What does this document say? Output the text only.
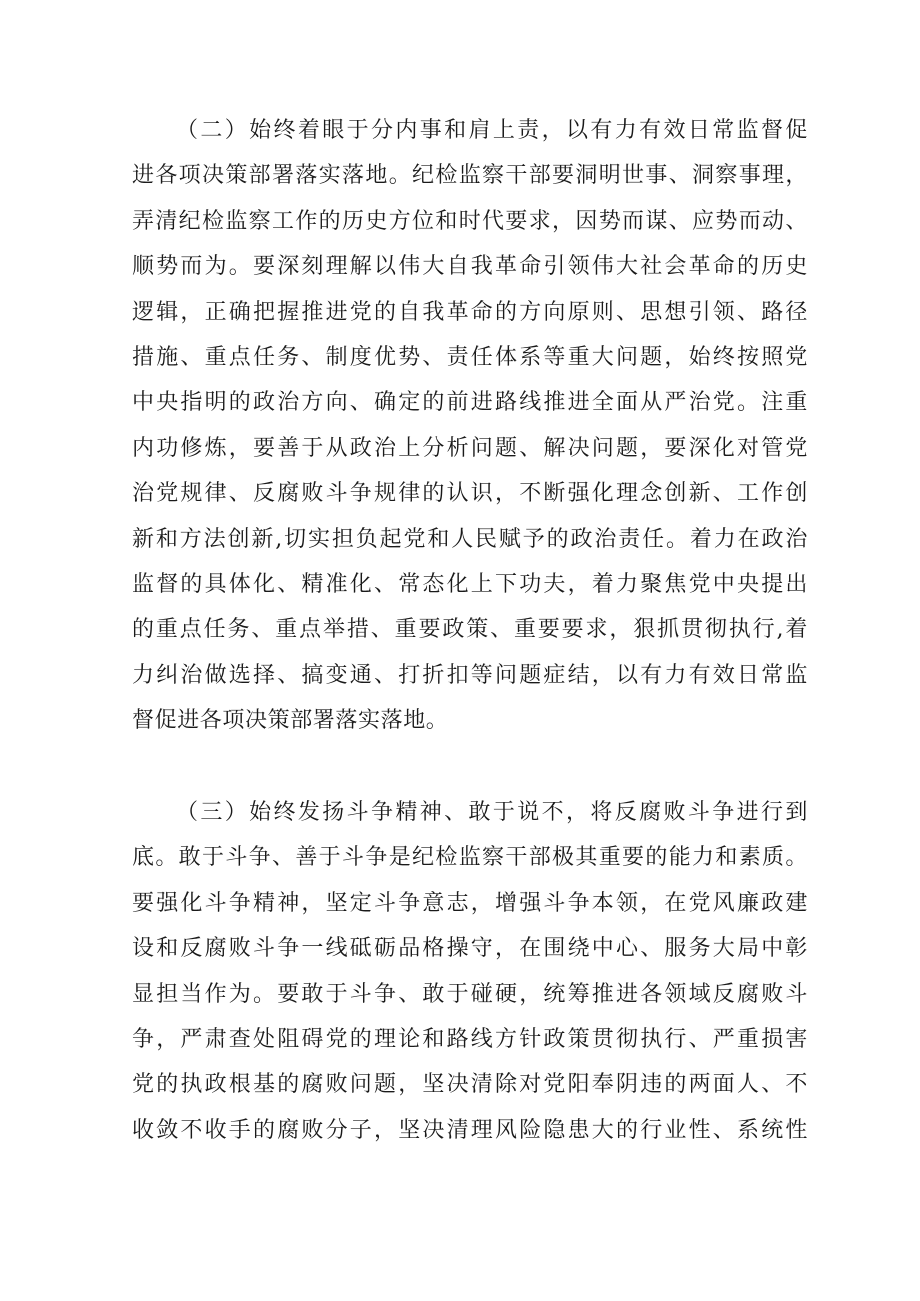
（二）始终着眼于分内事和肩上责，以有力有效日常监督促
进各项决策部署落实落地。纪检监察干部要洞明世事、洞察事理，
弄清纪检监察工作的历史方位和时代要求，因势而谋、应势而动、
顺势而为。要深刻理解以伟大自我革命引领伟大社会革命的历史
逻辑，正确把握推进党的自我革命的方向原则、思想引领、路径
措施、重点任务、制度优势、责任体系等重大问题，始终按照党
中央指明的政治方向、确定的前进路线推进全面从严治党。注重
内功修炼，要善于从政治上分析问题、解决问题，要深化对管党
治党规律、反腐败斗争规律的认识，不断强化理念创新、工作创
新和方法创新,切实担负起党和人民赋予的政治责任。着力在政治
监督的具体化、精准化、常态化上下功夫，着力聚焦党中央提出
的重点任务、重点举措、重要政策、重要要求，狠抓贯彻执行,着
力纠治做选择、搞变通、打折扣等问题症结，以有力有效日常监
督促进各项决策部署落实落地。

（三）始终发扬斗争精神、敢于说不，将反腐败斗争进行到
底。敢于斗争、善于斗争是纪检监察干部极其重要的能力和素质。
要强化斗争精神，坚定斗争意志，增强斗争本领，在党风廉政建
设和反腐败斗争一线砥砺品格操守，在围绕中心、服务大局中彰
显担当作为。要敢于斗争、敢于碰硬，统筹推进各领域反腐败斗
争，严肃查处阻碍党的理论和路线方针政策贯彻执行、严重损害
党的执政根基的腐败问题，坚决清除对党阳奉阴违的两面人、不
收敛不收手的腐败分子，坚决清理风险隐患大的行业性、系统性
